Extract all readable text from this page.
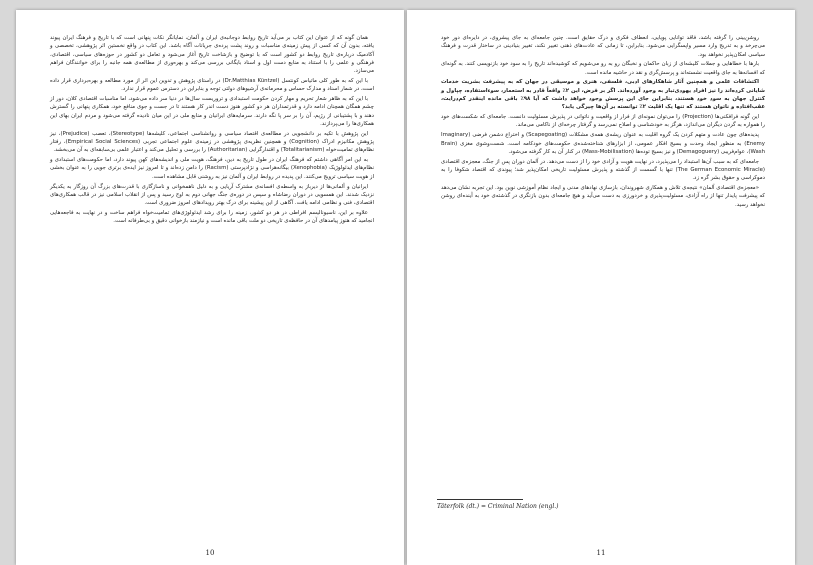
همان گونه که از عنوان این کتاب بر می‌آید تاریخ روابط دوجانبه‌ی ایران و آلمان، نمایانگر نکات پنهانی است که با تاریخ و فرهنگ ایران پیوند یافته، بدون آن که کسی از پیش زمینه‌ی مناسبات و روند پشت پرده‌ی جریانات آگاه باشد. این کتاب در واقع نخستین اثر پژوهشی، تخصصی و آکادمیک درباره‌ی تاریخ روابط دو کشور است که با توضیح و بازشاخت تاریخ آغاز می‌شود و تعامل دو کشور در حوزه‌های سیاسی، اقتصادی، فرهنگی و علمی را با استناد به منابع دست اول و اسناد بایگانی بررسی می‌کند و بهره‌وری از مطالعه‌ی همه جانبه را برای خوانندگان فراهم می‌سازد.

با این که به طور کلی ماتیاس کونتسل (Dr.Matthias Küntzel) در راستای پژوهش و تدوین این اثر از مورد مطالعه و بهره‌برداری قرار داده است، در شمار اسناد و مدارک حساس و محرمانه‌ی آرشیوهای دولتی توجه و بنابراین در دسترس عموم قرار ندارد.

با این که به ظاهر شعار تحریم و مهار کردن حکومت استبدادی و تروریست سال‌ها در دنیا سر داده می‌شود، اما مناسبات اقتصادی کلان، دور از چشم همگان همچنان ادامه دارد و قدرتمداران هر دو کشور هنوز دست اندر کار هستند تا در جست و جوی منافع خود، همکاری پنهانی را گسترش دهند و با پشتیبانی از رژیم، آن را بر سر پا نگه دارند. سرمایه‌های ایرانیان و منابع ملی در این میان نادیده گرفته می‌شود و مردم ایران بهای این همکاری‌ها را می‌پردازند.

این پژوهش با تکیه بر دانشجویی در مطالعه‌ی اقتصاد سیاسی و روانشناسی اجتماعی، کلیشه‌ها (Stereotype)، تعصب (Prejudice)، نیز پژوهش مکانیزم ادراک (Cognition) و همچنین نظریه‌ی پژوهشی در زمینه‌ی علوم اجتماعی تجربی (Empirical Social Sciences)، رفتار نظام‌های تمامیت‌خواه (Totalitarianism) و اقتدارگرایی (Authoritarian) را بررسی و تحلیل می‌کند و اعتبار علمی بی‌سابقه‌ای به آن می‌بخشد.

به این امر آگاهی داشتم که فرهنگ ایران در طول تاریخ به دین، فرهنگ، هویت ملی و اندیشه‌های کهن پیوند دارد، اما حکومت‌های استبدادی و نظام‌های ایدئولوژیک (Xenophobia) بیگانه‌هراسی و نژادپرستی (Racism) را دامن زده‌اند و تا امروز نیز ایده‌ی برتری جویی را به عنوان بخشی از هویت سیاسی ترویج می‌کنند. این پدیده در روابط ایران و آلمان نیز به روشنی قابل مشاهده است.

ایرانیان و آلمانی‌ها از دیرباز به واسطه‌ی افسانه‌ی مشترک آریایی و به دلیل ناهمخوانی و ناسازگاری با قدرت‌های بزرگ آن روزگار به یکدیگر نزدیک شدند. این همسویی در دوران رضاشاه و سپس در دوره‌ی جنگ جهانی دوم به اوج رسید و پس از انقلاب اسلامی نیز در قالب همکاری‌های اقتصادی، فنی و نظامی ادامه یافت. آگاهی از این پیشینه برای درک بهتر رویدادهای امروز ضروری است.

علاوه بر این، ناسیونالیسم افراطی در هر دو کشور، زمینه را برای رشد ایدئولوژی‌های تمامیت‌خواه فراهم ساخت و در نهایت به فاجعه‌هایی انجامید که هنوز پیامدهای آن در حافظه‌ی تاریخی دو ملت باقی مانده است و نیازمند بازخوانی دقیق و بی‌طرفانه است.

10

روشن‌بینی را گرفته باشد، فاقد توانایی پویایی، انعطاف فکری و درک حقایق است. چنین جامعه‌ای به جای پیشروی، در دایره‌ای دور خود می‌چرخد و به تدریج وارد مسیر واپسگرایی می‌شود. بنابراین، تا زمانی که عادت‌های ذهنی تغییر نکند، تغییر بنیادینی در ساختار قدرت و فرهنگ سیاسی امکان‌پذیر نخواهد بود.

بارها با خطاهایی و جملات کلیشه‌ای از زبان حاکمان و نخبگان رو به رو می‌شویم که کوشیده‌اند تاریخ را به سود خود بازنویسی کنند. به گونه‌ای که افسانه‌ها به جای واقعیت نشسته‌اند و پرسش‌گری و نقد در حاشیه مانده است.

اکتشافات علمی و همچنین آثار شاهکارهای ادبی، فلسفی، هنری و موسیقی در جهان که به پیشرفت بشریت خدمات شایانی کرده‌اند را نیز افراد یهودی‌تبار به وجود آورده‌اند. اگر بر فرض، این ۲٪ واقعاً قادر به استعمار، سوءاستفاده، چپاول و کنترل جهان به سود خود هستند، بنابراین جای این پرسش وجود خواهد داشت که آیا ۹۸٪ باقی مانده اینقدر کم‌درایت، عقب‌افتاده و ناتوان هستند که تنها یک اقلیت ۲٪ توانسته بر آن‌ها چیرگی یابد؟

این گونه فرافکنی‌ها (Projection) را می‌توان نمونه‌ای از فرار از واقعیت و ناتوانی در پذیرش مسئولیت دانست. جامعه‌ای که شکست‌های خود را همواره به گردن دیگران می‌اندازد، هرگز به خودشناسی و اصلاح نمی‌رسد و گرفتار چرخه‌ای از ناکامی می‌ماند.

پدیده‌های چون عادت و متهم کردن یک گروه اقلیت به عنوان ریشه‌ی همه‌ی مشکلات (Scapegoating) و اختراع دشمن فرضی (Imaginary Enemy) به منظور ایجاد وحدت و بسیج افکار عمومی، از ابزارهای شناخته‌شده‌ی حکومت‌های خودکامه است. شست‌وشوی مغزی (Brain Wash)، عوام‌فریبی (Demagoguery) و نیز بسیج توده‌ها (Mass-Mobilisation) در کنار آن به کار گرفته می‌شود.

جامعه‌ای که به سبب آن‌ها استبداد را می‌پذیرد، در نهایت هویت و آزادی خود را از دست می‌دهد. در آلمان دوران پس از جنگ، معجزه‌ی اقتصادی (The German Economic Miracle) تنها با گسست از گذشته و پذیرش مسئولیت تاریخی امکان‌پذیر شد؛ پیوندی که اقتصاد شکوفا را به دموکراسی و حقوق بشر گره زد.

«معجزه‌ی اقتصادی آلمان» نتیجه‌ی تلاش و همکاری شهروندان، بازسازی نهادهای مدنی و ایجاد نظام آموزشی نوین بود. این تجربه نشان می‌دهد که پیشرفت پایدار تنها از راه آزادی، مسئولیت‌پذیری و خردورزی به دست می‌آید و هیچ جامعه‌ای بدون بازنگری در گذشته‌ی خود به آینده‌ای روشن نخواهد رسید.

Täterfolk (dt.) = Criminal Nation (engl.)
11
